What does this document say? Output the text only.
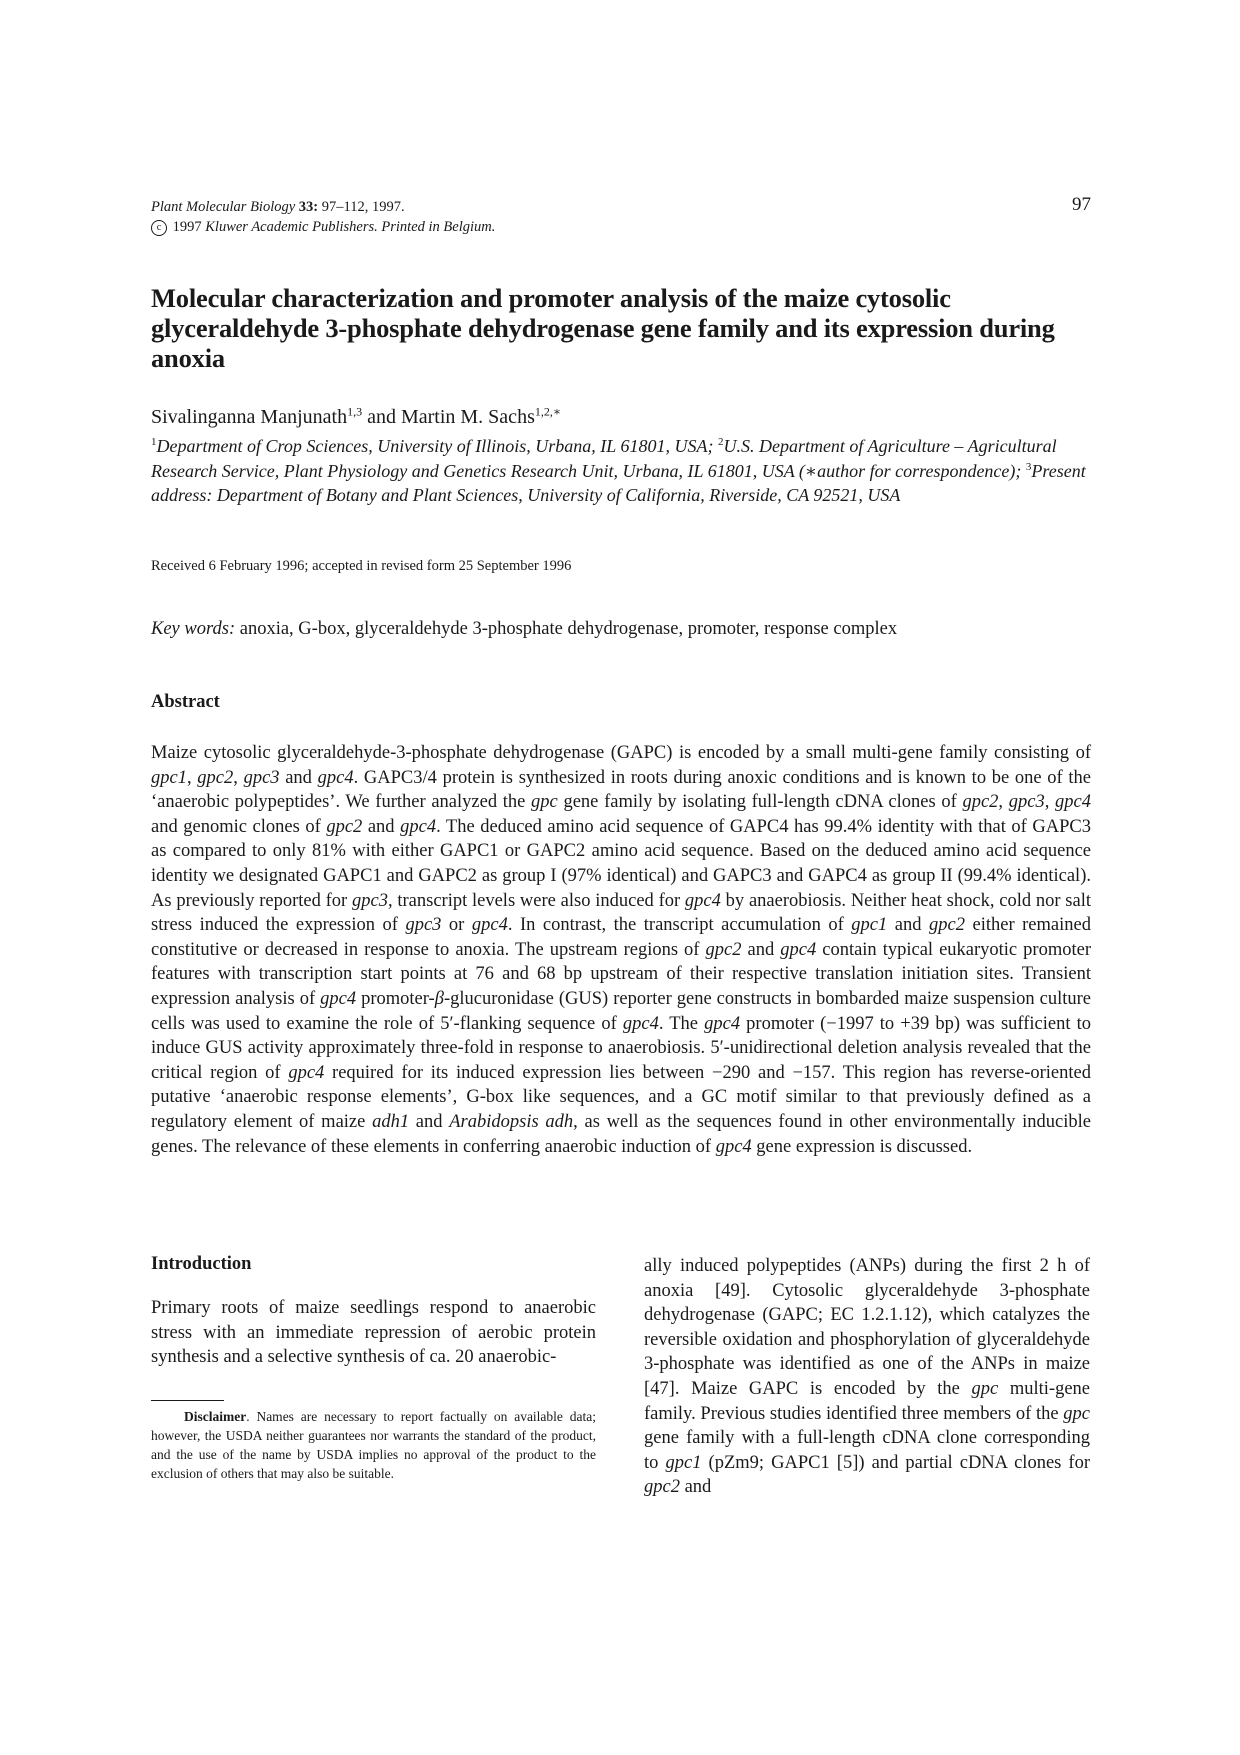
Plant Molecular Biology 33: 97–112, 1997.
c 1997 Kluwer Academic Publishers. Printed in Belgium.
97
Molecular characterization and promoter analysis of the maize cytosolic glyceraldehyde 3-phosphate dehydrogenase gene family and its expression during anoxia
Sivalinganna Manjunath$^{1,3}$ and Martin M. Sachs$^{1,2,∗}$
$^1$Department of Crop Sciences, University of Illinois, Urbana, IL 61801, USA; $^2$U.S. Department of Agriculture – Agricultural Research Service, Plant Physiology and Genetics Research Unit, Urbana, IL 61801, USA (∗author for correspondence); $^3$Present address: Department of Botany and Plant Sciences, University of California, Riverside, CA 92521, USA
Received 6 February 1996; accepted in revised form 25 September 1996
Key words: anoxia, G-box, glyceraldehyde 3-phosphate dehydrogenase, promoter, response complex
Abstract

Maize cytosolic glyceraldehyde-3-phosphate dehydrogenase (GAPC) is encoded by a small multi-gene family consisting of gpc1, gpc2, gpc3 and gpc4. GAPC3/4 protein is synthesized in roots during anoxic conditions and is known to be one of the ‘anaerobic polypeptides’. We further analyzed the gpc gene family by isolating full-length cDNA clones of gpc2, gpc3, gpc4 and genomic clones of gpc2 and gpc4. The deduced amino acid sequence of GAPC4 has 99.4% identity with that of GAPC3 as compared to only 81% with either GAPC1 or GAPC2 amino acid sequence. Based on the deduced amino acid sequence identity we designated GAPC1 and GAPC2 as group I (97% identical) and GAPC3 and GAPC4 as group II (99.4% identical). As previously reported for gpc3, transcript levels were also induced for gpc4 by anaerobiosis. Neither heat shock, cold nor salt stress induced the expression of gpc3 or gpc4. In contrast, the transcript accumulation of gpc1 and gpc2 either remained constitutive or decreased in response to anoxia. The upstream regions of gpc2 and gpc4 contain typical eukaryotic promoter features with transcription start points at 76 and 68 bp upstream of their respective translation initiation sites. Transient expression analysis of gpc4 promoter-β-glucuronidase (GUS) reporter gene constructs in bombarded maize suspension culture cells was used to examine the role of 5′-flanking sequence of gpc4. The gpc4 promoter (−1997 to +39 bp) was sufficient to induce GUS activity approximately three-fold in response to anaerobiosis. 5′-unidirectional deletion analysis revealed that the critical region of gpc4 required for its induced expression lies between −290 and −157. This region has reverse-oriented putative ‘anaerobic response elements’, G-box like sequences, and a GC motif similar to that previously defined as a regulatory element of maize adh1 and Arabidopsis adh, as well as the sequences found in other environmentally inducible genes. The relevance of these elements in conferring anaerobic induction of gpc4 gene expression is discussed.

Introduction

Primary roots of maize seedlings respond to anaerobic stress with an immediate repression of aerobic protein synthesis and a selective synthesis of ca. 20 anaerobic-

ally induced polypeptides (ANPs) during the first 2 h of anoxia [49]. Cytosolic glyceraldehyde 3-phosphate dehydrogenase (GAPC; EC 1.2.1.12), which catalyzes the reversible oxidation and phosphorylation of glyceraldehyde 3-phosphate was identified as one of the ANPs in maize [47]. Maize GAPC is encoded by the gpc multi-gene family. Previous studies identified three members of the gpc gene family with a full-length cDNA clone corresponding to gpc1 (pZm9; GAPC1 [5]) and partial cDNA clones for gpc2 and

Disclaimer. Names are necessary to report factually on available data; however, the USDA neither guarantees nor warrants the standard of the product, and the use of the name by USDA implies no approval of the product to the exclusion of others that may also be suitable.
